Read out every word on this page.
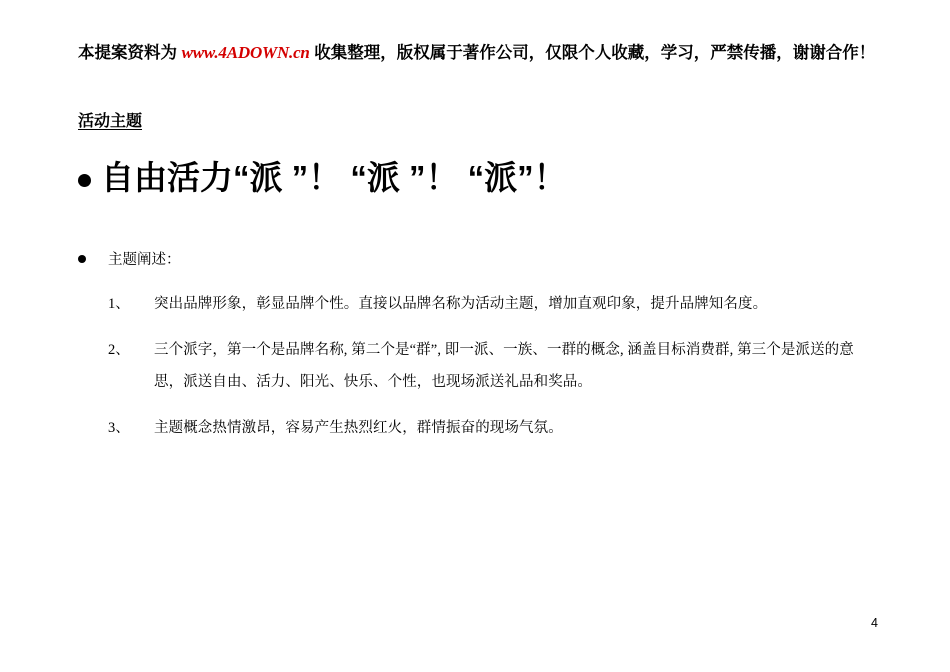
本提案资料为 www.4ADOWN.cn 收集整理，版权属于著作公司，仅限个人收藏，学习，严禁传播，谢谢合作！
活动主题
自由活力“派 ”！ “派 ”！ “派”！
主题阐述：
1、	突出品牌形象，彰显品牌个性。直接以品牌名称为活动主题，增加直观印象，提升品牌知名度。
2、	三个派字，第一个是品牌名称, 第二个是“群”, 即一派、一族、一群的概念, 涵盖目标消费群, 第三个是派送的意思，派送自由、活力、阳光、快乐、个性，也现场派送礼品和奖品。
3、	主题概念热情激昂，容易产生热烈红火，群情振奋的现场气氛。
4
